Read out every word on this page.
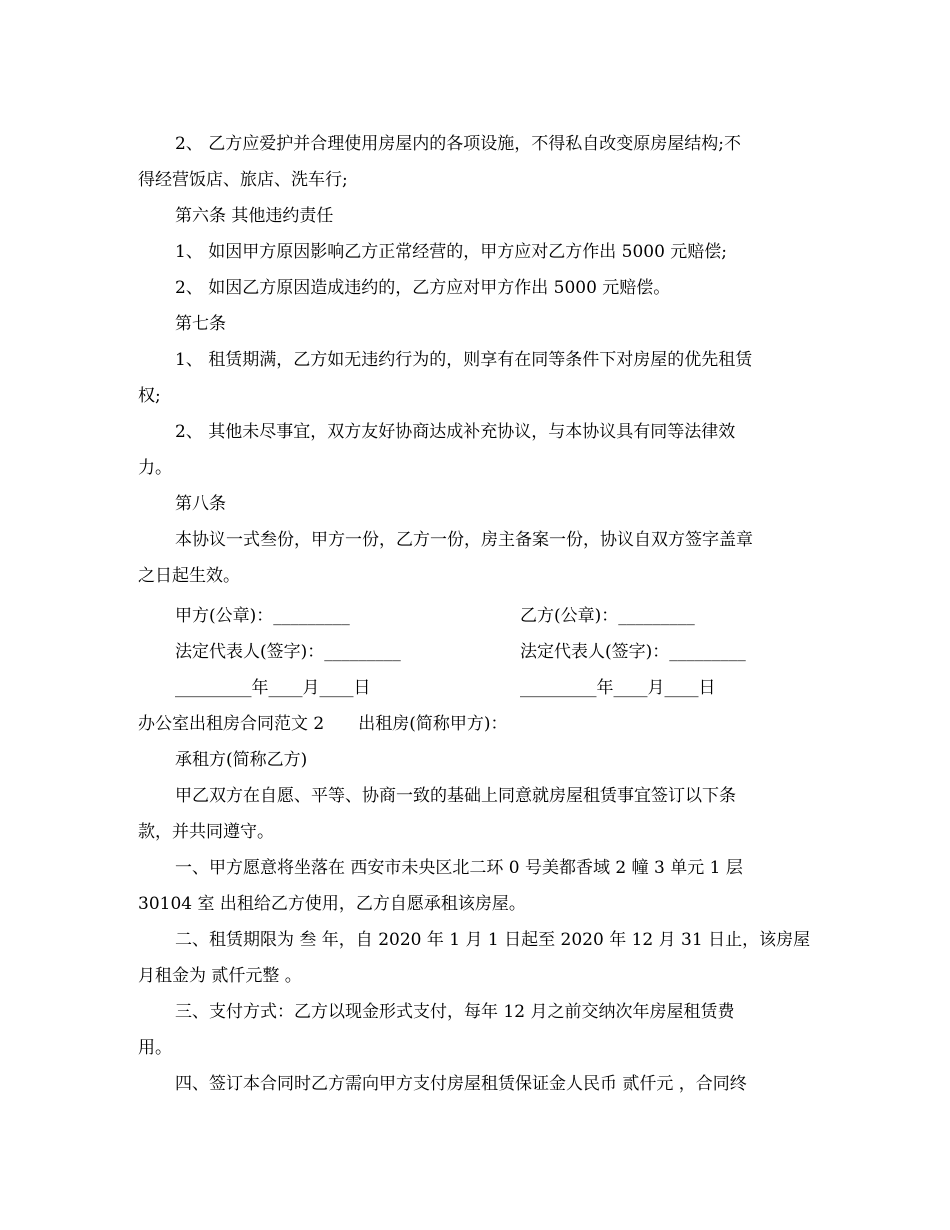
2、 乙方应爱护并合理使用房屋内的各项设施，不得私自改变原房屋结构;不
得经营饭店、旅店、洗车行;
第六条 其他违约责任
1、 如因甲方原因影响乙方正常经营的，甲方应对乙方作出 5000 元赔偿;
2、 如因乙方原因造成违约的，乙方应对甲方作出 5000 元赔偿。
第七条
1、 租赁期满，乙方如无违约行为的，则享有在同等条件下对房屋的优先租赁
权;
2、 其他未尽事宜，双方友好协商达成补充协议，与本协议具有同等法律效
力。
第八条
本协议一式叁份，甲方一份，乙方一份，房主备案一份，协议自双方签字盖章
之日起生效。
甲方(公章)：_________	乙方(公章)：_________
法定代表人(签字)：_________	法定代表人(签字)：_________
_________年____月____日	_________年____月____日
办公室出租房合同范文 2　　出租房(简称甲方)：
承租方(简称乙方)
甲乙双方在自愿、平等、协商一致的基础上同意就房屋租赁事宜签订以下条
款，并共同遵守。
一、甲方愿意将坐落在 西安市未央区北二环 0 号美都香域 2 幢 3 单元 1 层
30104 室 出租给乙方使用，乙方自愿承租该房屋。
二、租赁期限为 叁 年，自 2020 年 1 月 1 日起至 2020 年 12 月 31 日止，该房屋
月租金为 贰仟元整 。
三、支付方式：乙方以现金形式支付，每年 12 月之前交纳次年房屋租赁费
用。
四、签订本合同时乙方需向甲方支付房屋租赁保证金人民币 贰仟元 ，合同终
